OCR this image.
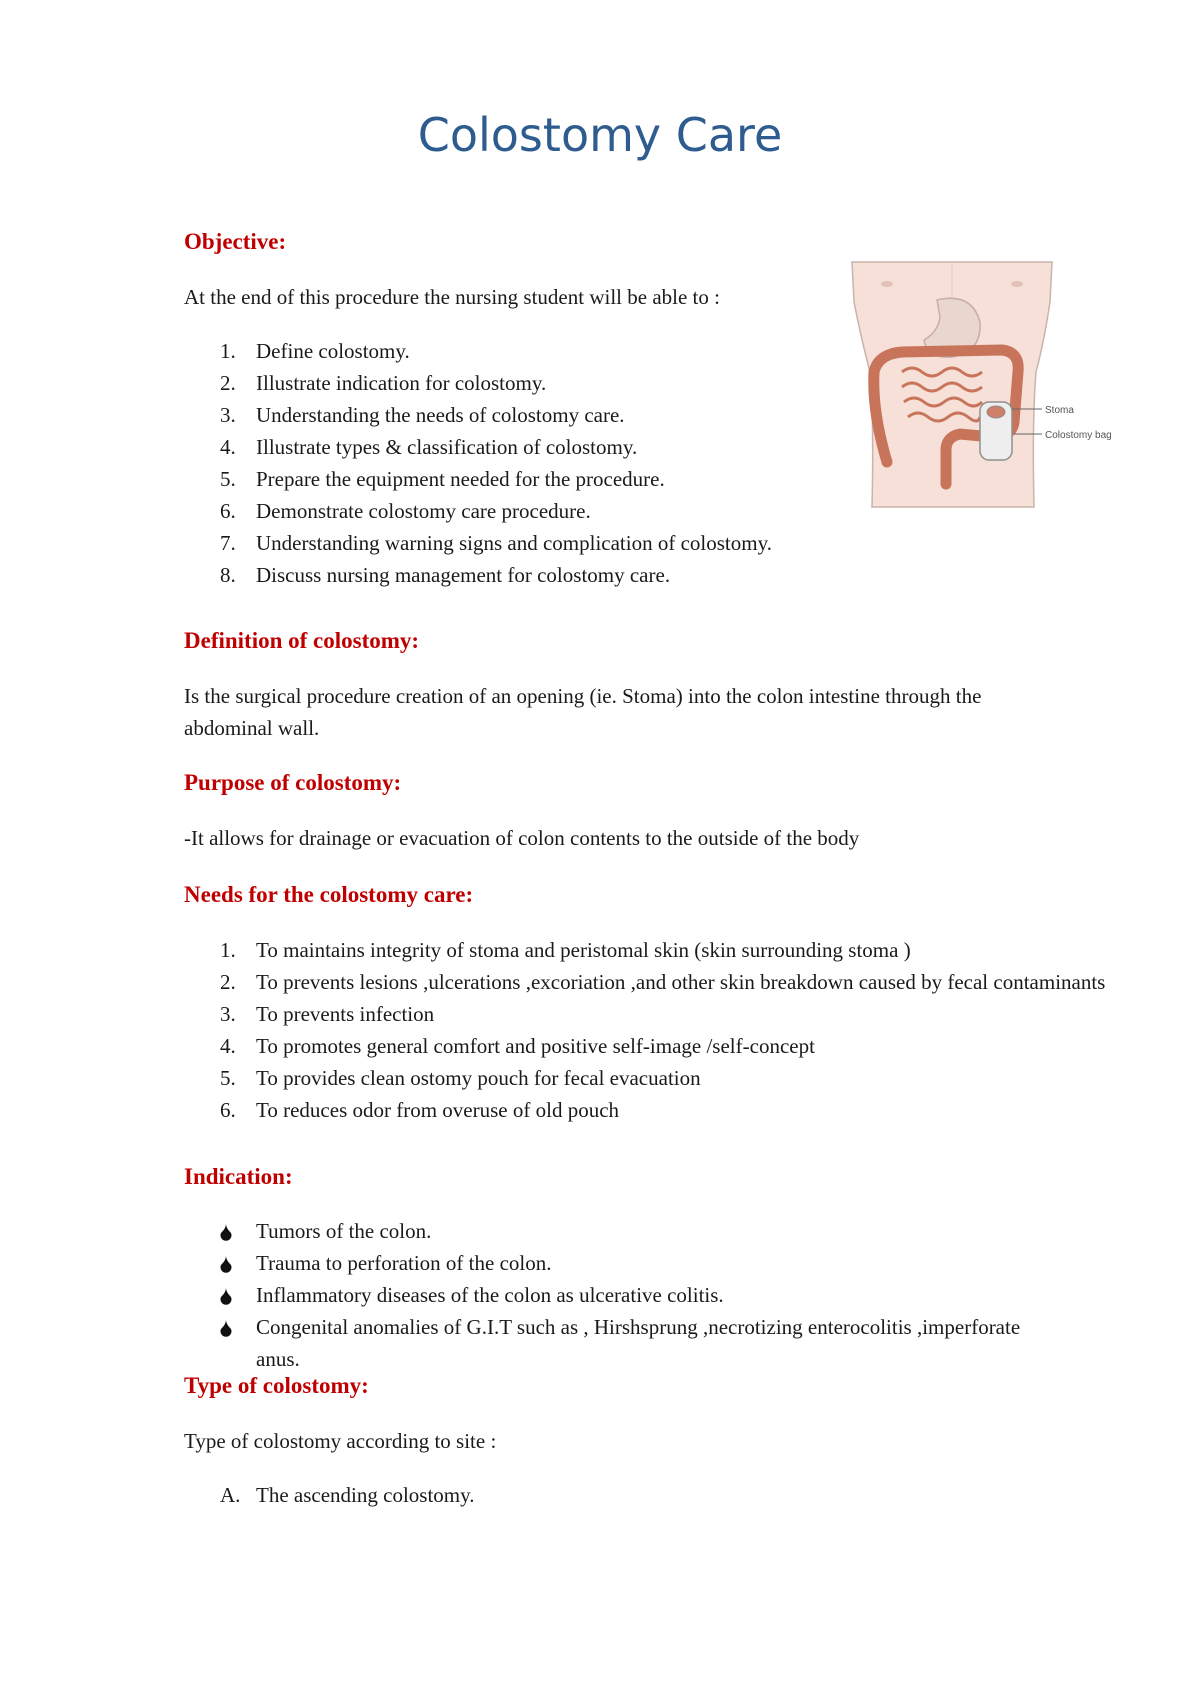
Colostomy Care
Objective:

At the end of this procedure the nursing student will be able to :

1. Define colostomy.
2. Illustrate indication for colostomy.
3. Understanding the needs of colostomy care.
4. Illustrate types & classification of colostomy.
5. Prepare the equipment needed for the procedure.
6. Demonstrate colostomy care procedure.
7. Understanding warning signs and complication of colostomy.
8. Discuss nursing management for colostomy care.
Stoma
Colostomy bag
Definition of colostomy:

Is the surgical procedure creation of an opening (ie. Stoma) into the colon intestine through the abdominal wall.

Purpose of colostomy:

-It allows for drainage or evacuation of colon contents to the outside of the body

Needs for the colostomy care:
1. To maintains integrity of stoma and peristomal skin (skin surrounding stoma )
2. To prevents lesions ,ulcerations ,excoriation ,and other skin breakdown caused by fecal contaminants
3. To prevents infection
4. To promotes general comfort and positive self-image /self-concept
5. To provides clean ostomy pouch for fecal evacuation
6. To reduces odor from overuse of old pouch
Indication:
Tumors of the colon.
Trauma to perforation of the colon.
Inflammatory diseases of the colon as ulcerative colitis.
Congenital anomalies of G.I.T such as , Hirshsprung ,necrotizing enterocolitis ,imperforate anus.
Type of colostomy:

Type of colostomy according to site :

A. The ascending colostomy.
